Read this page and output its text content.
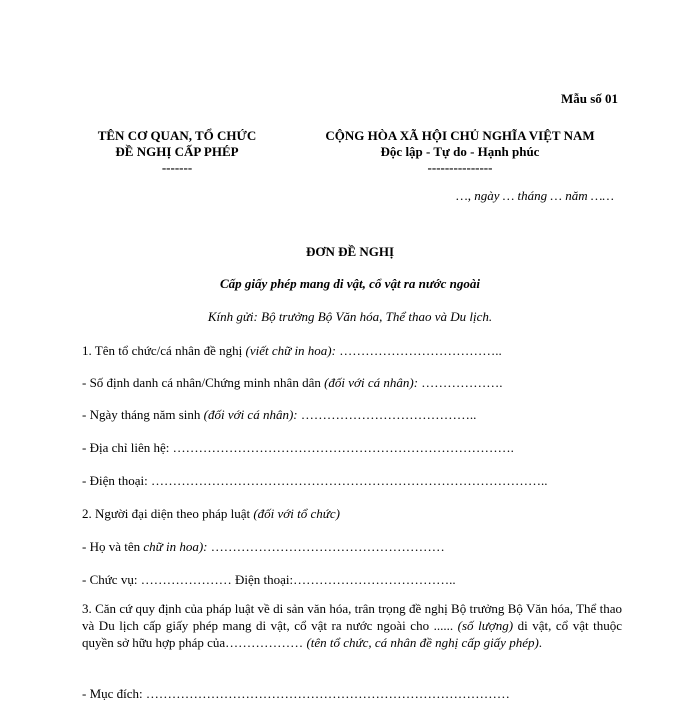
Mẫu số 01
TÊN CƠ QUAN, TỔ CHỨC
ĐỀ NGHỊ CẤP PHÉP
-------
CỘNG HÒA XÃ HỘI CHỦ NGHĨA VIỆT NAM
Độc lập - Tự do - Hạnh phúc
---------------
…, ngày … tháng … năm ……
ĐƠN ĐỀ NGHỊ
Cấp giấy phép mang di vật, cổ vật ra nước ngoài
Kính gửi: Bộ trưởng Bộ Văn hóa, Thể thao và Du lịch.
1. Tên tổ chức/cá nhân đề nghị (viết chữ in hoa): ………………………………..
- Số định danh cá nhân/Chứng minh nhân dân (đối với cá nhân): ……………….
- Ngày tháng năm sinh (đối với cá nhân): …………………………………..
- Địa chỉ liên hệ: …………………………………………………………………….
- Điện thoại: ………………………………………………………………………………..
2. Người đại diện theo pháp luật (đối với tổ chức)
- Họ và tên chữ in hoa): ………………………………………………
- Chức vụ: ………………… Điện thoại:………………………………..
3. Căn cứ quy định của pháp luật về di sản văn hóa, trân trọng đề nghị Bộ trưởng Bộ Văn hóa, Thể thao và Du lịch cấp giấy phép mang di vật, cổ vật ra nước ngoài cho ...... (số lượng) di vật, cổ vật thuộc quyền sở hữu hợp pháp của……………… (tên tổ chức, cá nhân đề nghị cấp giấy phép).
- Mục đích: …………………………………………………………………………
